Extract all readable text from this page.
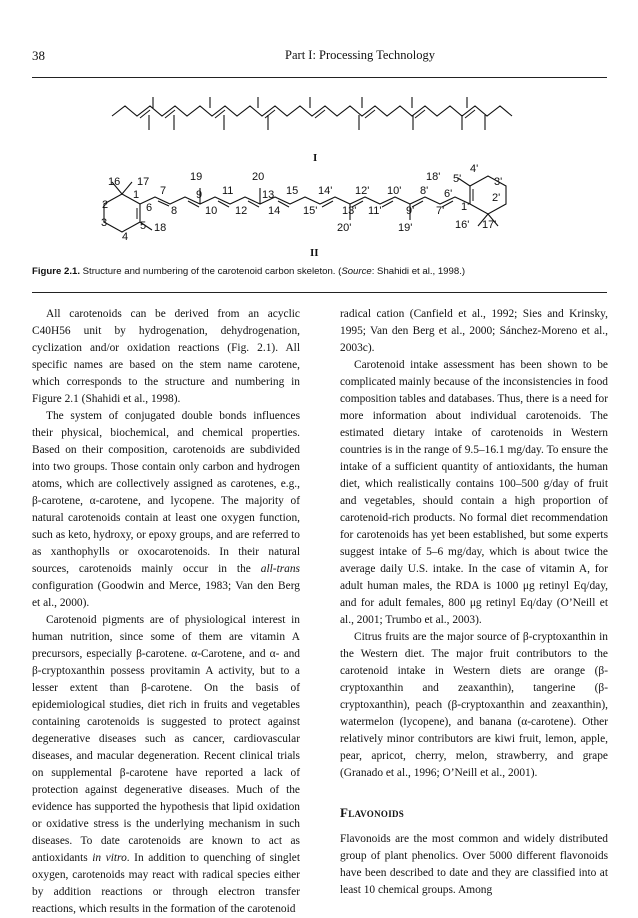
38	Part I: Processing Technology
I
16 17
7
19	20	18' 5'
4'
3'
1
2	6 8
9 11	13 15 14' 12' 10' 8' 6'	2'
3	5 18
10 12 14 15' 13' 11' 9' 7' 1'
4
20'	19'	16' 17'
II
Figure 2.1. Structure and numbering of the carotenoid carbon skeleton. (Source: Shahidi et al., 1998.)

All carotenoids can be derived from an acyclic C40H56 unit by hydrogenation, dehydrogenation, cyclization and/or oxidation reactions (Fig. 2.1). All specific names are based on the stem name carotene, which corresponds to the structure and numbering in Figure 2.1 (Shahidi et al., 1998).

The system of conjugated double bonds influences their physical, biochemical, and chemical properties. Based on their composition, carotenoids are subdivided into two groups. Those contain only carbon and hydrogen atoms, which are collectively assigned as carotenes, e.g., β-carotene, α-carotene, and lycopene. The majority of natural carotenoids contain at least one oxygen function, such as keto, hydroxy, or epoxy groups, and are referred to as xanthophylls or oxocarotenoids. In their natural sources, carotenoids mainly occur in the all-trans configuration (Goodwin and Merce, 1983; Van den Berg et al., 2000).

Carotenoid pigments are of physiological interest in human nutrition, since some of them are vitamin A precursors, especially β-carotene. α-Carotene, and α- and β-cryptoxanthin possess provitamin A activity, but to a lesser extent than β-carotene. On the basis of epidemiological studies, diet rich in fruits and vegetables containing carotenoids is suggested to protect against degenerative diseases such as cancer, cardiovascular diseases, and macular degeneration. Recent clinical trials on supplemental β-carotene have reported a lack of protection against degenerative diseases. Much of the evidence has supported the hypothesis that lipid oxidation or oxidative stress is the underlying mechanism in such diseases. To date carotenoids are known to act as antioxidants in vitro. In addition to quenching of singlet oxygen, carotenoids may react with radical species either by addition reactions or through electron transfer reactions, which results in the formation of the carotenoid

radical cation (Canfield et al., 1992; Sies and Krinsky, 1995; Van den Berg et al., 2000; Sánchez-Moreno et al., 2003c).

Carotenoid intake assessment has been shown to be complicated mainly because of the inconsistencies in food composition tables and databases. Thus, there is a need for more information about individual carotenoids. The estimated dietary intake of carotenoids in Western countries is in the range of 9.5–16.1 mg/day. To ensure the intake of a sufficient quantity of antioxidants, the human diet, which realistically contains 100–500 g/day of fruit and vegetables, should contain a high proportion of carotenoid-rich products. No formal diet recommendation for carotenoids has yet been established, but some experts suggest intake of 5–6 mg/day, which is about twice the average daily U.S. intake. In the case of vitamin A, for adult human males, the RDA is 1000 μg retinyl Eq/day, and for adult females, 800 μg retinyl Eq/day (O’Neill et al., 2001; Trumbo et al., 2003).

Citrus fruits are the major source of β-cryptoxanthin in the Western diet. The major fruit contributors to the carotenoid intake in Western diets are orange (β-cryptoxanthin and zeaxanthin), tangerine (β-cryptoxanthin), peach (β-cryptoxanthin and zeaxanthin), watermelon (lycopene), and banana (α-carotene). Other relatively minor contributors are kiwi fruit, lemon, apple, pear, apricot, cherry, melon, strawberry, and grape (Granado et al., 1996; O’Neill et al., 2001).

Flavonoids

Flavonoids are the most common and widely distributed group of plant phenolics. Over 5000 different flavonoids have been described to date and they are classified into at least 10 chemical groups. Among
